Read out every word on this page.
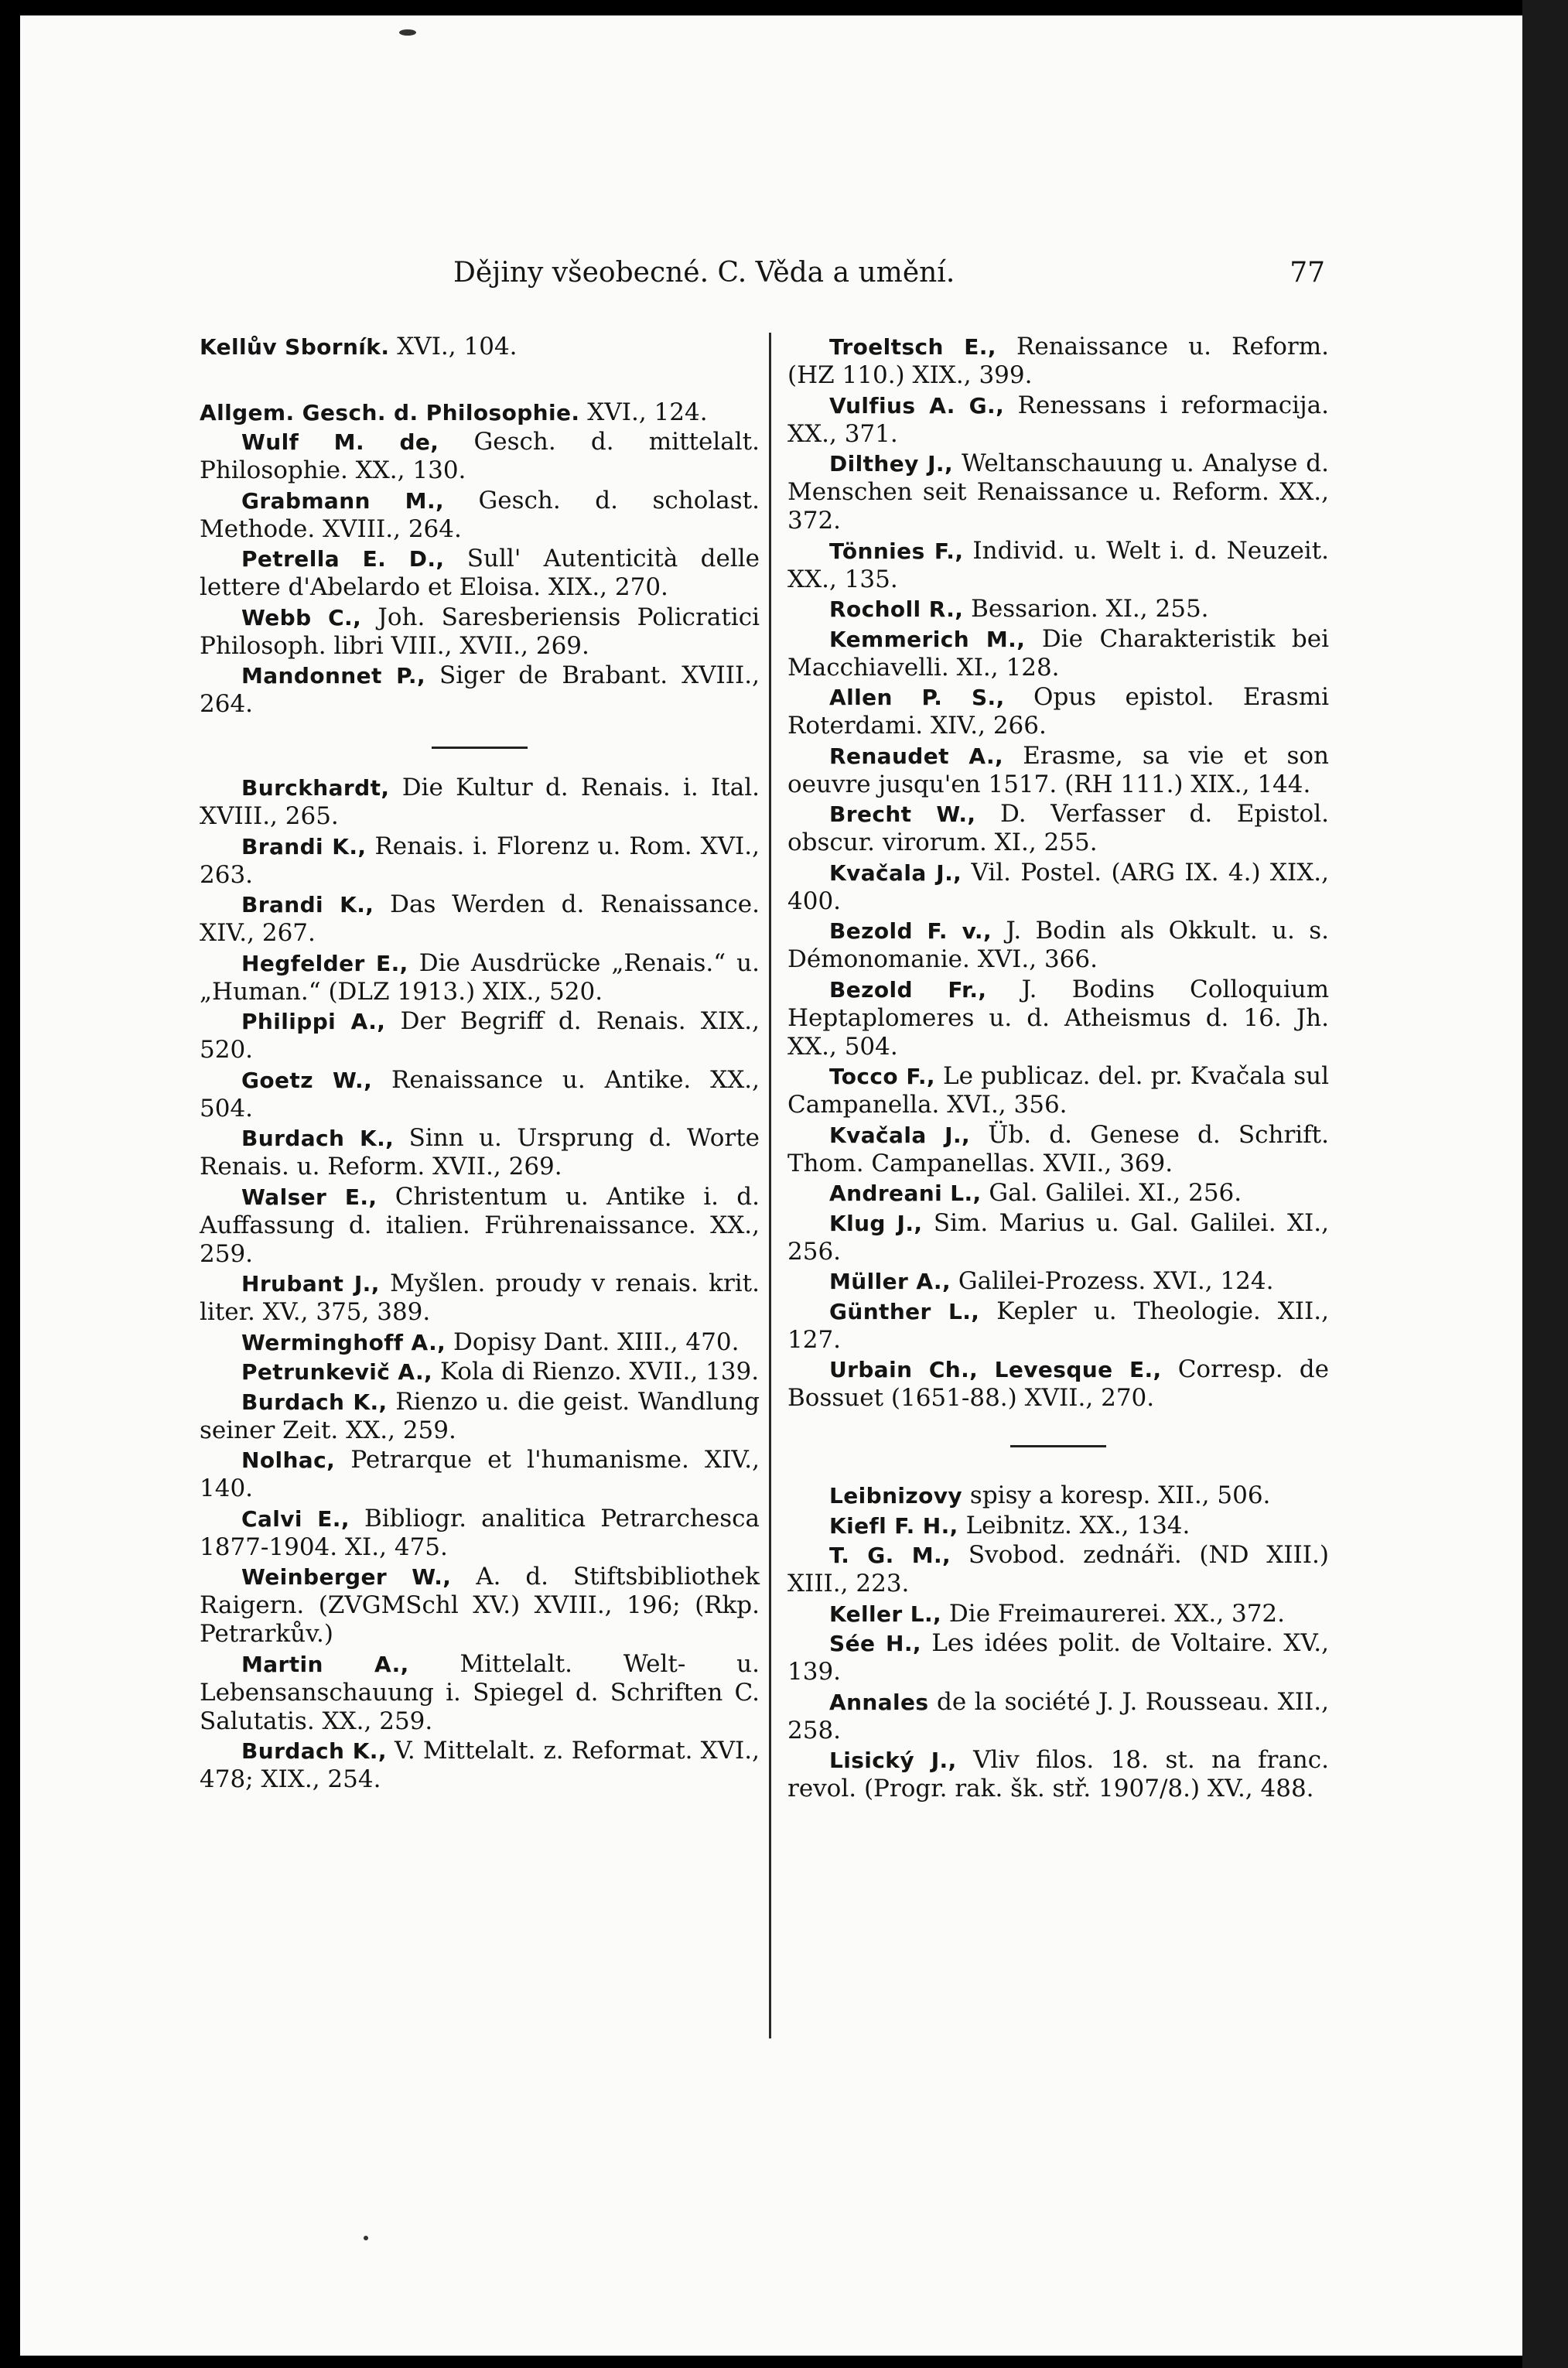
Dějiny všeobecné. C. Věda a umění.	77

Kellův Sborník. XVI., 104.

Allgem. Gesch. d. Philosophie. XVI., 124.

Wulf M. de, Gesch. d. mittelalt. Philosophie. XX., 130.

Grabmann M., Gesch. d. scholast. Methode. XVIII., 264.

Petrella E. D., Sull' Autenticità delle lettere d'Abelardo et Eloisa. XIX., 270.

Webb C., Joh. Saresberiensis Policratici Philosoph. libri VIII., XVII., 269.

Mandonnet P., Siger de Brabant. XVIII., 264.

Burckhardt, Die Kultur d. Renais. i. Ital. XVIII., 265.

Brandi K., Renais. i. Florenz u. Rom. XVI., 263.

Brandi K., Das Werden d. Renaissance. XIV., 267.

Hegfelder E., Die Ausdrücke „Renais.“ u. „Human.“ (DLZ 1913.) XIX., 520.

Philippi A., Der Begriff d. Renais. XIX., 520.

Goetz W., Renaissance u. Antike. XX., 504.

Burdach K., Sinn u. Ursprung d. Worte Renais. u. Reform. XVII., 269.

Walser E., Christentum u. Antike i. d. Auffassung d. italien. Frührenaissance. XX., 259.

Hrubant J., Myšlen. proudy v renais. krit. liter. XV., 375, 389.

Werminghoff A., Dopisy Dant. XIII., 470.

Petrunkevič A., Kola di Rienzo. XVII., 139.

Burdach K., Rienzo u. die geist. Wandlung seiner Zeit. XX., 259.

Nolhac, Petrarque et l'humanisme. XIV., 140.

Calvi E., Bibliogr. analitica Petrarchesca 1877-1904. XI., 475.

Weinberger W., A. d. Stiftsbibliothek Raigern. (ZVGMSchl XV.) XVIII., 196; (Rkp. Petrarkův.)

Martin A., Mittelalt. Welt- u. Lebensanschauung i. Spiegel d. Schriften C. Salutatis. XX., 259.

Burdach K., V. Mittelalt. z. Reformat. XVI., 478; XIX., 254.

Troeltsch E., Renaissance u. Reform. (HZ 110.) XIX., 399.

Vulfius A. G., Renessans i reformacija. XX., 371.

Dilthey J., Weltanschauung u. Analyse d. Menschen seit Renaissance u. Reform. XX., 372.

Tönnies F., Individ. u. Welt i. d. Neuzeit. XX., 135.

Rocholl R., Bessarion. XI., 255.

Kemmerich M., Die Charakteristik bei Macchiavelli. XI., 128.

Allen P. S., Opus epistol. Erasmi Roterdami. XIV., 266.

Renaudet A., Erasme, sa vie et son oeuvre jusqu'en 1517. (RH 111.) XIX., 144.

Brecht W., D. Verfasser d. Epistol. obscur. virorum. XI., 255.

Kvačala J., Vil. Postel. (ARG IX. 4.) XIX., 400.

Bezold F. v., J. Bodin als Okkult. u. s. Démonomanie. XVI., 366.

Bezold Fr., J. Bodins Colloquium Heptaplomeres u. d. Atheismus d. 16. Jh. XX., 504.

Tocco F., Le publicaz. del. pr. Kvačala sul Campanella. XVI., 356.

Kvačala J., Üb. d. Genese d. Schrift. Thom. Campanellas. XVII., 369.

Andreani L., Gal. Galilei. XI., 256.

Klug J., Sim. Marius u. Gal. Galilei. XI., 256.

Müller A., Galilei-Prozess. XVI., 124.

Günther L., Kepler u. Theologie. XII., 127.

Urbain Ch., Levesque E., Corresp. de Bossuet (1651-88.) XVII., 270.

Leibnizovy spisy a koresp. XII., 506.

Kiefl F. H., Leibnitz. XX., 134.

T. G. M., Svobod. zednáři. (ND XIII.) XIII., 223.

Keller L., Die Freimaurerei. XX., 372.

Sée H., Les idées polit. de Voltaire. XV., 139.

Annales de la société J. J. Rousseau. XII., 258.

Lisický J., Vliv filos. 18. st. na franc. revol. (Progr. rak. šk. stř. 1907/8.) XV., 488.
